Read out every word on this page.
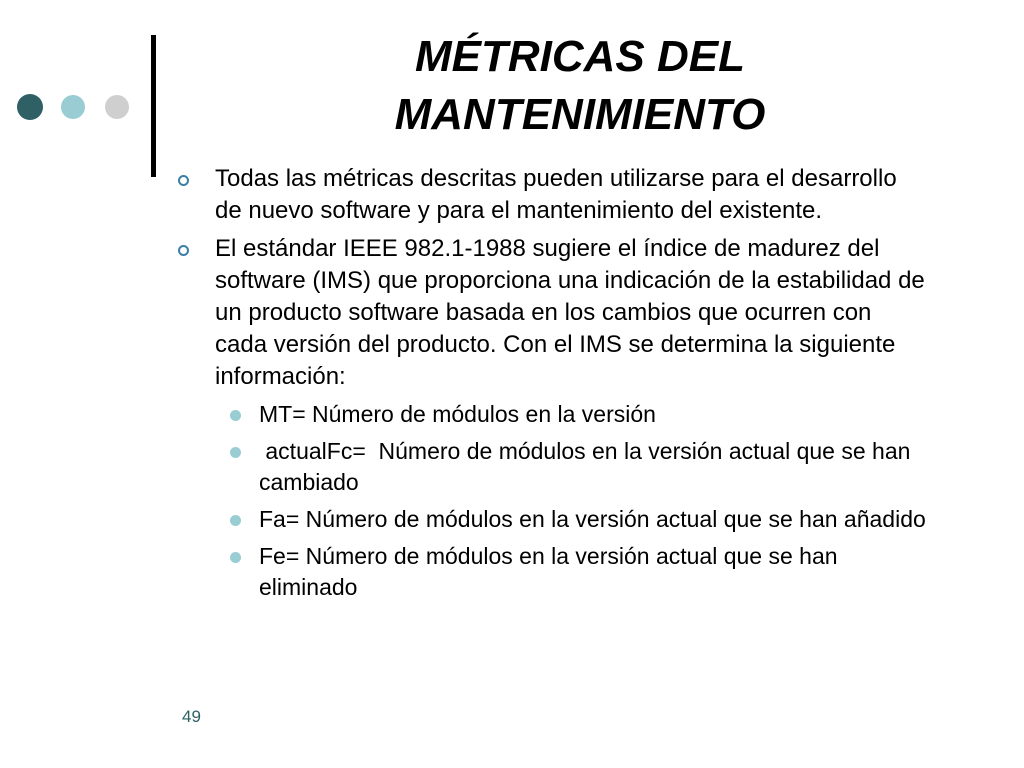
MÉTRICAS DEL
MANTENIMIENTO
Todas las métricas descritas pueden utilizarse para el desarrollo de nuevo software y para el mantenimiento del existente.
El estándar IEEE 982.1-1988 sugiere el índice de madurez del software (IMS) que proporciona una indicación de la estabilidad de un producto software basada en los cambios que ocurren con cada versión del producto. Con el IMS se determina la siguiente información:
MT= Número de módulos en la versión
actualFc=  Número de módulos en la versión actual que se han cambiado
Fa= Número de módulos en la versión actual que se han añadido
Fe= Número de módulos en la versión actual que se han eliminado
49
